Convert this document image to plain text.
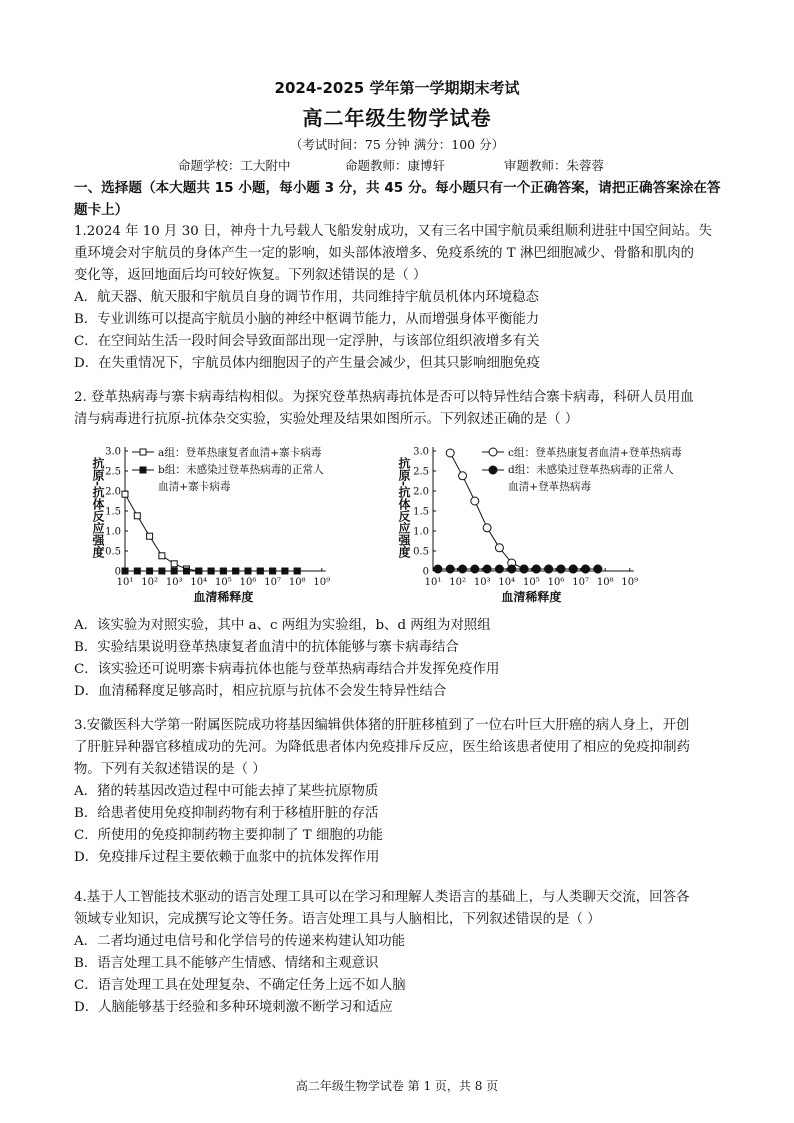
2024-2025 学年第一学期期末考试
高二年级生物学试卷
（考试时间：75 分钟 满分：100 分）
命题学校：工大附中	命题教师：康博轩	审题教师：朱蓉蓉
一、选择题（本大题共 15 小题，每小题 3 分，共 45 分。每小题只有一个正确答案，请把正确答案涂在答
题卡上）
1.2024 年 10 月 30 日，神舟十九号载人飞船发射成功，又有三名中国宇航员乘组顺利进驻中国空间站。失
重环境会对宇航员的身体产生一定的影响，如头部体液增多、免疫系统的 T 淋巴细胞减少、骨骼和肌肉的
变化等，返回地面后均可较好恢复。下列叙述错误的是（ ）
A．航天器、航天服和宇航员自身的调节作用，共同维持宇航员机体内环境稳态
B．专业训练可以提高宇航员小脑的神经中枢调节能力，从而增强身体平衡能力
C．在空间站生活一段时间会导致面部出现一定浮肿，与该部位组织液增多有关
D．在失重情况下，宇航员体内细胞因子的产生量会减少，但其只影响细胞免疫
2. 登革热病毒与寨卡病毒结构相似。为探究登革热病毒抗体是否可以特异性结合寨卡病毒，科研人员用血
清与病毒进行抗原-抗体杂交实验，实验处理及结果如图所示。下列叙述正确的是（ ）
0
0.5
1.0
1.5
2.0
2.5
3.0
10¹ 10² 10³ 10⁴ 10⁵ 10⁶ 10⁷ 10⁸ 10⁹
血清稀释度
抗原-抗体反应强度
a组：登革热康复者血清+寨卡病毒
b组：未感染过登革热病毒的正常人
血清+寨卡病毒
0
0.5
1.0
1.5
2.0
2.5
3.0
10¹ 10² 10³ 10⁴ 10⁵ 10⁶ 10⁷ 10⁸ 10⁹
血清稀释度
抗原-抗体反应强度
c组：登革热康复者血清+登革热病毒
d组：未感染过登革热病毒的正常人
血清+登革热病毒
A．该实验为对照实验，其中 a、c 两组为实验组，b、d 两组为对照组
B．实验结果说明登革热康复者血清中的抗体能够与寨卡病毒结合
C．该实验还可说明寨卡病毒抗体也能与登革热病毒结合并发挥免疫作用
D．血清稀释度足够高时，相应抗原与抗体不会发生特异性结合
3.安徽医科大学第一附属医院成功将基因编辑供体猪的肝脏移植到了一位右叶巨大肝癌的病人身上，开创
了肝脏异种器官移植成功的先河。为降低患者体内免疫排斥反应，医生给该患者使用了相应的免疫抑制药
物。下列有关叙述错误的是（ ）
A．猪的转基因改造过程中可能去掉了某些抗原物质
B．给患者使用免疫抑制药物有利于移植肝脏的存活
C．所使用的免疫抑制药物主要抑制了 T 细胞的功能
D．免疫排斥过程主要依赖于血浆中的抗体发挥作用
4.基于人工智能技术驱动的语言处理工具可以在学习和理解人类语言的基础上，与人类聊天交流，回答各
领域专业知识，完成撰写论文等任务。语言处理工具与人脑相比，下列叙述错误的是（ ）
A．二者均通过电信号和化学信号的传递来构建认知功能
B．语言处理工具不能够产生情感、情绪和主观意识
C．语言处理工具在处理复杂、不确定任务上远不如人脑
D．人脑能够基于经验和多种环境刺激不断学习和适应
高二年级生物学试卷 第 1 页，共 8 页
